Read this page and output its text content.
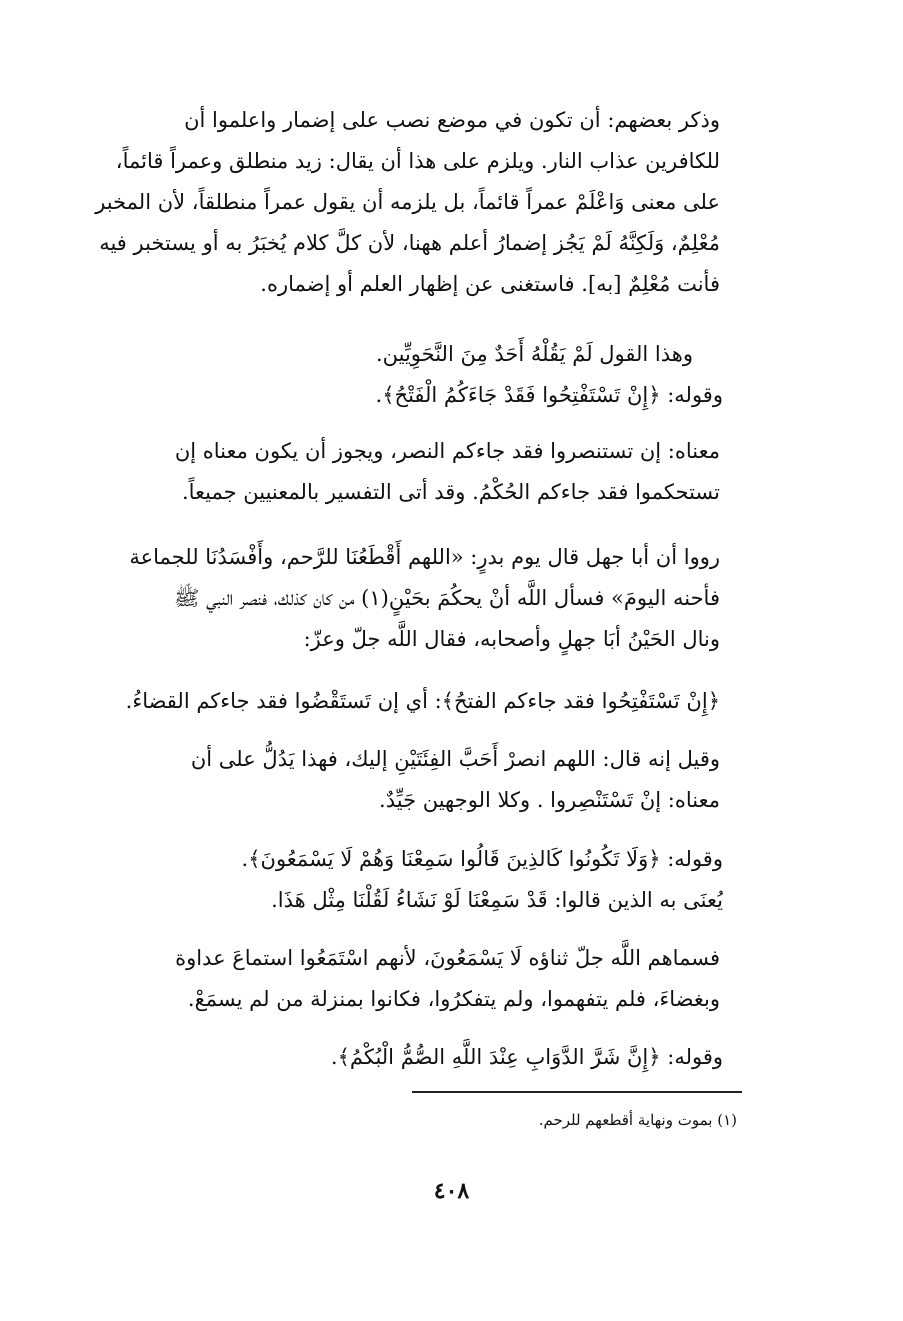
وذكر بعضهم: أن تكون في موضع نصب على إضمار واعلموا أن
للكافرين عذاب النار. ويلزم على هذا أن يقال: زيد منطلق وعمراً قائماً،
على معنى وَاعْلَمْ عمراً قائماً، بل يلزمه أن يقول عمراً منطلقاً، لأن المخبر
مُعْلِمٌ، وَلَكِنَّهُ لَمْ يَجُز إضمارُ أعلم ههنا، لأن كلَّ كلام يُخبَرُ به أو يستخبر فيه
فأنت مُعْلِمٌ [به]. فاستغنى عن إظهار العلم أو إضماره.
وهذا القول لَمْ يَقُلْهُ أَحَدٌ مِنَ النَّحَوِيِّين.
وقوله: ﴿إِنْ تَسْتَفْتِحُوا فَقَدْ جَاءَكُمُ الْفَتْحُ﴾.
معناه: إن تستنصروا فقد جاءكم النصر، ويجوز أن يكون معناه إن
تستحكموا فقد جاءكم الحُكْمُ. وقد أتى التفسير بالمعنيين جميعاً.
رووا أن أبا جهل قال يوم بدرٍ: «اللهم أَقْطَعُنَا للرَّحم، وأَفْسَدُنَا للجماعة
فأحنه اليومَ» فسأل اللَّه أنْ يحكُمَ بحَيْنٍ(١) من كان كذلك، فنصر النبي ﷺ
ونال الحَيْنُ أبَا جهلٍ وأصحابه، فقال اللَّه جلّ وعزّ:
﴿إِنْ تَسْتَفْتِحُوا فقد جاءكم الفتحُ﴾: أي إن تَستَقْضُوا فقد جاءكم القضاءُ.
وقيل إنه قال: اللهم انصرْ أَحَبَّ الفِئَتَيْنِ إليك، فهذا يَدُلُّ على أن
معناه: إنْ تَسْتَنْصِروا . وكلا الوجهين جَيِّدٌ.
وقوله: ﴿وَلَا تَكُونُوا كَالذِينَ قَالُوا سَمِعْنَا وَهُمْ لَا يَسْمَعُونَ﴾.
يُعنَى به الذين قالوا: قَدْ سَمِعْنَا لَوْ نَشَاءُ لَقُلْنَا مِثْل هَذَا.
فسماهم اللَّه جلّ ثناؤه لَا يَسْمَعُونَ، لأنهم اسْتَمَعُوا استماعَ عداوة
وبغضاءَ، فلم يتفهموا، ولم يتفكرُوا، فكانوا بمنزلة من لم يسمَعْ.
وقوله: ﴿إِنَّ شَرَّ الدَّوَابِ عِنْدَ اللَّهِ الصُّمُّ الْبُكْمُ﴾.
(١) بموت ونهاية أقطعهم للرحم.
٤٠٨
